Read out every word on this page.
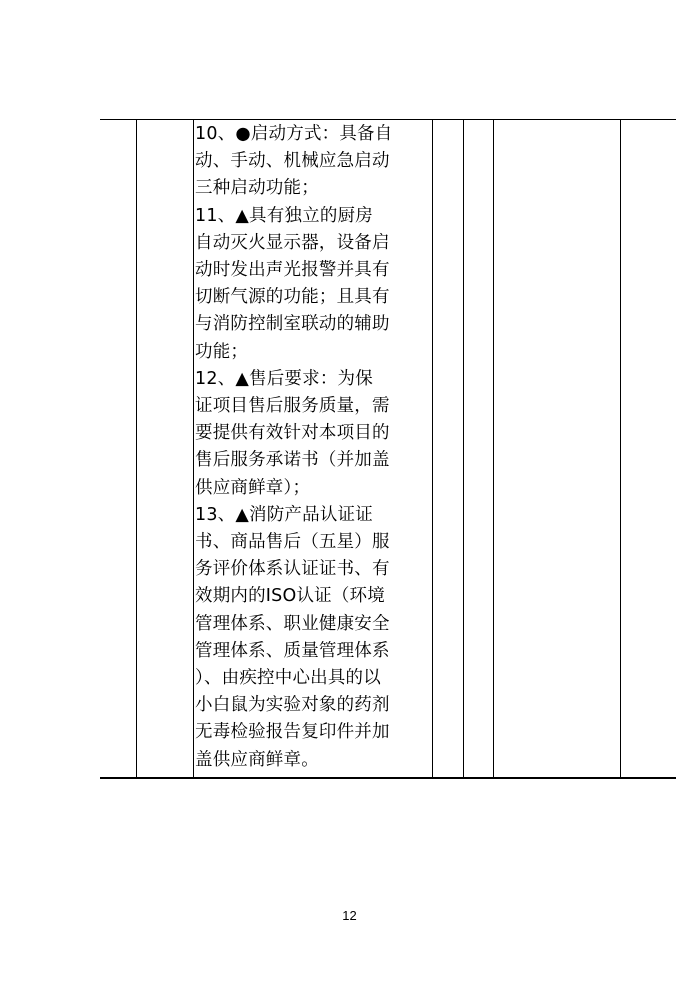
10、●启动方式：具备自
动、手动、机械应急启动
三种启动功能；
11、▲具有独立的厨房
自动灭火显示器，设备启
动时发出声光报警并具有
切断气源的功能；且具有
与消防控制室联动的辅助
功能；
12、▲售后要求：为保
证项目售后服务质量，需
要提供有效针对本项目的
售后服务承诺书（并加盖
供应商鲜章）；
13、▲消防产品认证证
书、商品售后（五星）服
务评价体系认证证书、有
效期内的ISO认证（环境
管理体系、职业健康安全
管理体系、质量管理体系
）、由疾控中心出具的以
小白鼠为实验对象的药剂
无毒检验报告复印件并加
盖供应商鲜章。
12
